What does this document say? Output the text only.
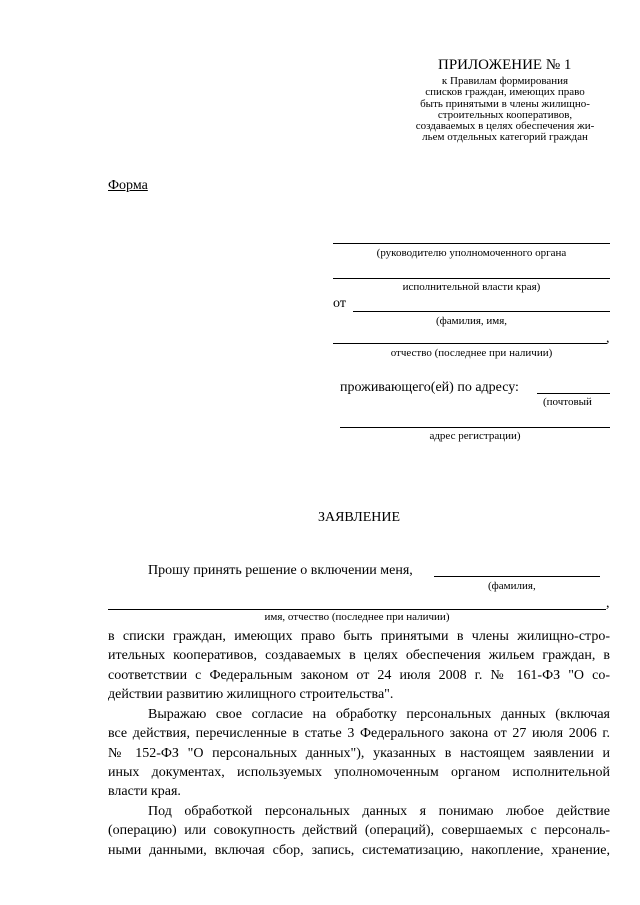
ПРИЛОЖЕНИЕ № 1
к Правилам формирования
списков граждан, имеющих право
быть принятыми в члены жилищно-
строительных кооперативов,
создаваемых в целях обеспечения жи-
льем отдельных категорий граждан
Форма
(руководителю уполномоченного органа
исполнительной власти края)
от
(фамилия, имя,
,
отчество (последнее при наличии)
проживающего(ей) по адресу:
(почтовый
адрес регистрации)
ЗАЯВЛЕНИЕ
Прошу принять решение о включении меня,
(фамилия,
,
имя, отчество (последнее при наличии)
в списки граждан, имеющих право быть принятыми в члены жилищно-стро-
ительных кооперативов, создаваемых в целях обеспечения жильем граждан, в
соответствии с Федеральным законом от 24 июля 2008 г. № 161-ФЗ "О со-
действии развитию жилищного строительства".
Выражаю свое согласие на обработку персональных данных (включая
все действия, перечисленные в статье 3 Федерального закона от 27 июля 2006 г.
№ 152-ФЗ "О персональных данных"), указанных в настоящем заявлении и
иных документах, используемых уполномоченным органом исполнительной
власти края.
Под обработкой персональных данных я понимаю любое действие
(операцию) или совокупность действий (операций), совершаемых с персональ-
ными данными, включая сбор, запись, систематизацию, накопление, хранение,
